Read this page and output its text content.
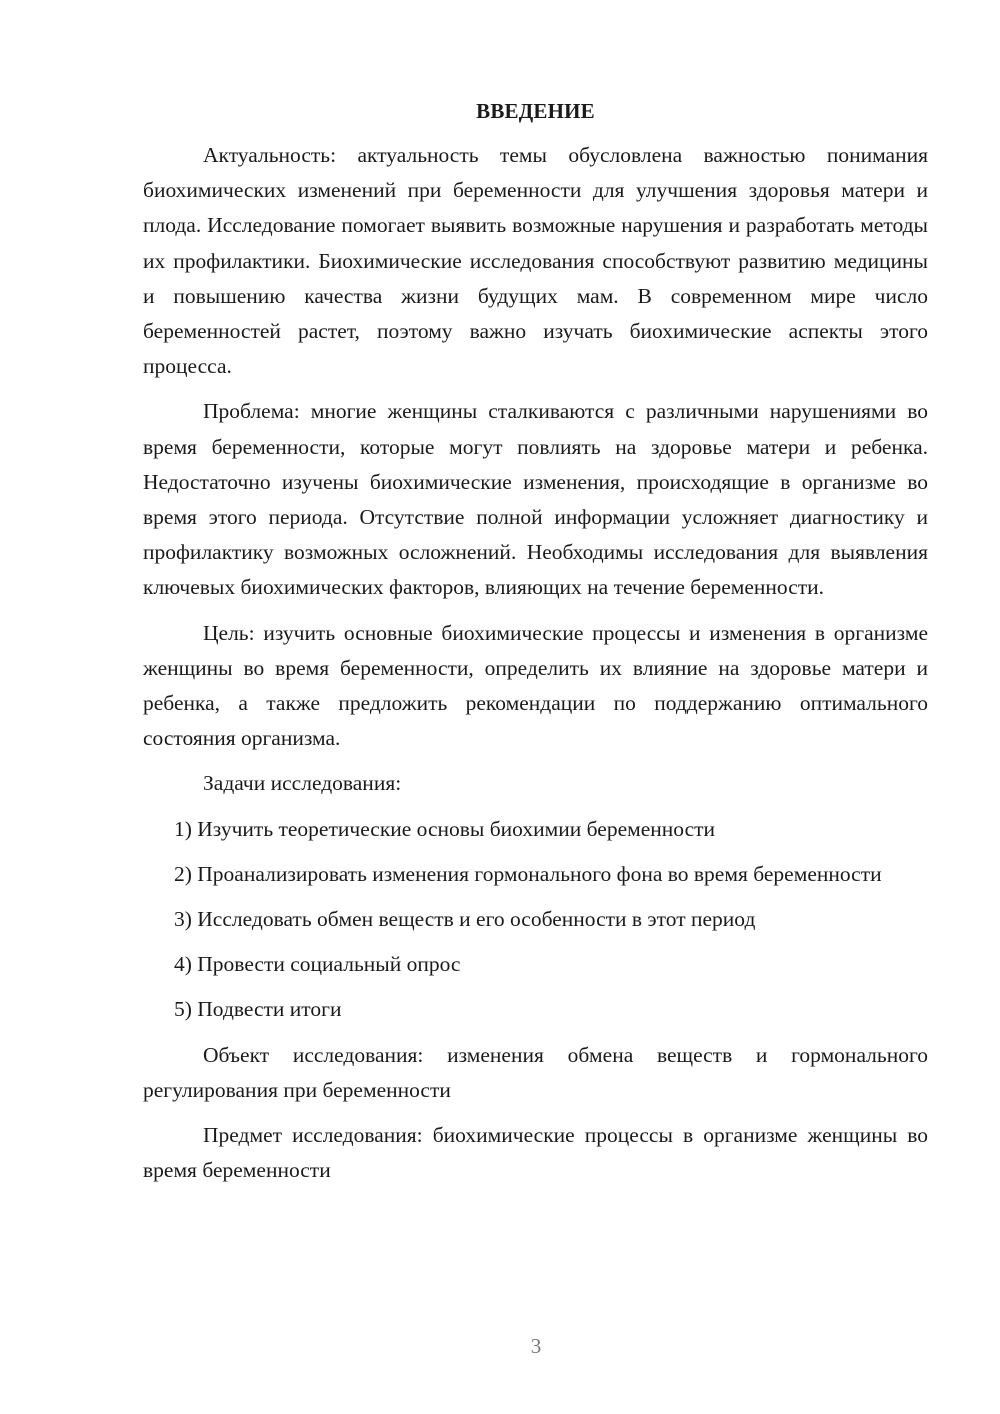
ВВЕДЕНИЕ

Актуальность: актуальность темы обусловлена важностью понимания биохимических изменений при беременности для улучшения здоровья матери и плода. Исследование помогает выявить возможные нарушения и разработать методы их профилактики. Биохимические исследования способствуют развитию медицины и повышению качества жизни будущих мам. В современном мире число беременностей растет, поэтому важно изучать биохимические аспекты этого процесса.

Проблема: многие женщины сталкиваются с различными нарушениями во время беременности, которые могут повлиять на здоровье матери и ребенка. Недостаточно изучены биохимические изменения, происходящие в организме во время этого периода. Отсутствие полной информации усложняет диагностику и профилактику возможных осложнений. Необходимы исследования для выявления ключевых биохимических факторов, влияющих на течение беременности.

Цель: изучить основные биохимические процессы и изменения в организме женщины во время беременности, определить их влияние на здоровье матери и ребенка, а также предложить рекомендации по поддержанию оптимального состояния организма.

Задачи исследования:

1) Изучить теоретические основы биохимии беременности

2) Проанализировать изменения гормонального фона во время беременности

3) Исследовать обмен веществ и его особенности в этот период

4) Провести социальный опрос

5) Подвести итоги

Объект исследования: изменения обмена веществ и гормонального регулирования при беременности

Предмет исследования: биохимические процессы в организме женщины во время беременности

3
